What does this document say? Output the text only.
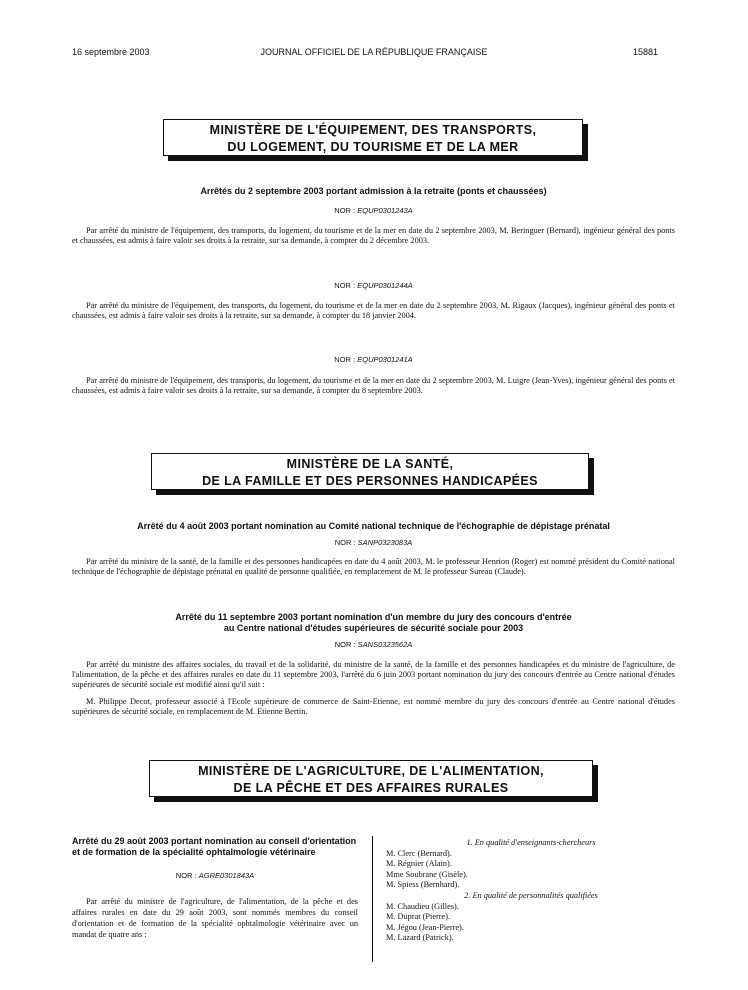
16 septembre 2003	JOURNAL OFFICIEL DE LA RÉPUBLIQUE FRANÇAISE	15881
MINISTÈRE DE L'ÉQUIPEMENT, DES TRANSPORTS,
DU LOGEMENT, DU TOURISME ET DE LA MER
Arrêtés du 2 septembre 2003 portant admission à la retraite (ponts et chaussées)
NOR : EQUP0301243A
Par arrêté du ministre de l'équipement, des transports, du logement, du tourisme et de la mer en date du 2 septembre 2003, M. Beringuer (Bernard), ingénieur général des ponts et chaussées, est admis à faire valoir ses droits à la retraite, sur sa demande, à compter du 2 décembre 2003.
NOR : EQUP0301244A
Par arrêté du ministre de l'équipement, des transports, du logement, du tourisme et de la mer en date du 2 septembre 2003, M. Rigaux (Jacques), ingénieur général des ponts et chaussées, est admis à faire valoir ses droits à la retraite, sur sa demande, à compter du 18 janvier 2004.
NOR : EQUP0301241A
Par arrêté du ministre de l'équipement, des transports, du logement, du tourisme et de la mer en date du 2 septembre 2003, M. Luigre (Jean-Yves), ingénieur général des ponts et chaussées, est admis à faire valoir ses droits à la retraite, sur sa demande, à compter du 8 septembre 2003.
MINISTÈRE DE LA SANTÉ,
DE LA FAMILLE ET DES PERSONNES HANDICAPÉES
Arrêté du 4 août 2003 portant nomination au Comité national technique de l'échographie de dépistage prénatal
NOR : SANP0323083A
Par arrêté du ministre de la santé, de la famille et des personnes handicapées en date du 4 août 2003, M. le professeur Henrion (Roger) est nommé président du Comité national technique de l'échographie de dépistage prénatal en qualité de personne qualifiée, en remplacement de M. le professeur Sureau (Claude).
Arrêté du 11 septembre 2003 portant nomination d'un membre du jury des concours d'entrée
au Centre national d'études supérieures de sécurité sociale pour 2003
NOR : SANS0323562A
Par arrêté du ministre des affaires sociales, du travail et de la solidarité, du ministre de la santé, de la famille et des personnes handicapées et du ministre de l'agriculture, de l'alimentation, de la pêche et des affaires rurales en date du 11 septembre 2003, l'arrêté du 6 juin 2003 portant nomination du jury des concours d'entrée au Centre national d'études supérieures de sécurité sociale est modifié ainsi qu'il suit :
M. Philippe Decot, professeur associé à l'Ecole supérieure de commerce de Saint-Etienne, est nommé membre du jury des concours d'entrée au Centre national d'études supérieures de sécurité sociale, en remplacement de M. Etienne Bertin.
MINISTÈRE DE L'AGRICULTURE, DE L'ALIMENTATION,
DE LA PÊCHE ET DES AFFAIRES RURALES
Arrêté du 29 août 2003 portant nomination au conseil d'orientation et de formation de la spécialité ophtalmologie vétérinaire
NOR : AGRE0301843A
Par arrêté du ministre de l'agriculture, de l'alimentation, de la pêche et des affaires rurales en date du 29 août 2003, sont nommés membres du conseil d'orientation et de formation de la spécialité ophtalmologie vétérinaire avec un mandat de quatre ans :
1. En qualité d'enseignants-chercheurs
M. Clerc (Bernard).
M. Régnier (Alain).
Mme Soubrane (Gisèle).
M. Spiess (Bernhard).
2. En qualité de personnalités qualifiées
M. Chaudieu (Gilles).
M. Duprat (Pierre).
M. Jégou (Jean-Pierre).
M. Lazard (Patrick).
